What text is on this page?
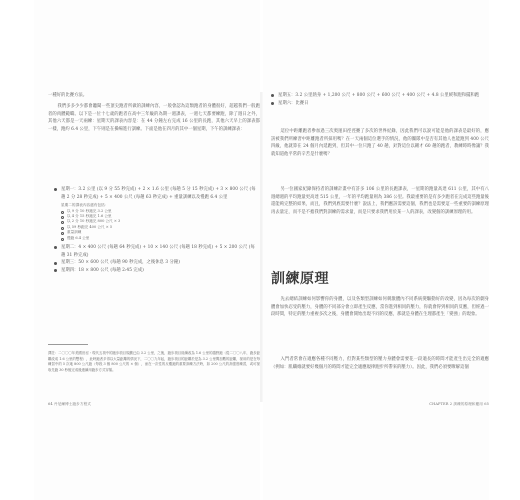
一種好的比賽方法。

我們多多少少都會聽聞一些頂尖跑者所做的訓練內容，一般會認為這類跑者的身體很好，超越我們一般跑者的肉體範疇。以下是一位十七歲的跑者在高中三年級的為期一週課表，一週七天都要練跑，除了週日之外，其他六天都是一天兩練：星期天的課表內容是：在 44 分鐘左右完成 16 公里的長跑，其他六天早上的課表都一樣，跑約 6.4 公里，下午則是在操場進行訓練。下面是他在四月的其中一個星期，下午的訓練課表：

星期一：3.2 公里 (以 9 分 55 秒完成) + 2 × 1.6 公里 (每趟 5 分 15 秒完成) + 3 × 800 公尺 (每趟 2 分 28 秒完成) + 5 × 400 公尺 (每趟 63 秒完成) + 重量訓練以及慢跑 6.4 公里

星期二的課表內容還有包括：

以 9 分 10 秒跑完 3.2 公里
以 4 分 15 秒跑完 1.6 公里
以 2 分 10 秒跑完 800 公尺 × 3
以 59 秒跑完 400 公尺 × 5
重量訓練
慢跑 6.4 公里

星期二：4 × 400 公尺 (每趟 64 秒完成) + 10 × 140 公尺 (每趟 18 秒完成) + 5 × 200 公尺 (每趟 31 秒完成)

星期三：50 × 600 公尺 (每趟 90 秒完成，之後休息 3 分鐘)

星期四：18 × 800 公尺 (每趟 2:45 完成)

譯註：二〇〇〇年美國田徑・現代五項中的跑步項目規劃已由 3.2 公里，之後，跑步項目陸續改為 1.6 公里的越野跑（從二〇〇八年，跑步距離改成 1.6 公里的雙程），此時跑者多得以大量距離的情況下，二〇〇九年起，跑步項目的距離於是為 3.2 公里間加數的距離，採用的是在每練習中的 5 次地 800 公尺跑（每段 3 個 800 公尺的 × 個），而在一次性的反覆跑的重要訓練方法時，如 200 公尺的高強度練習，或可採取先跑 30 秒後完成後連續用跑步方式穿插。

64 丹尼爾博士跑步方程式

星期五：3.2 公里熱身 + 1,200 公尺 + 800 公尺 + 600 公尺 + 400 公尺 + 4.8 公里緩和跑和擺和跑

星期六：比賽日

這位中距離跑者參加過三次奧運田徑徑賽了多次的世界紀錄，因此我們可以說可能是他的課表是最好的，應該被我們所練習中距離跑者所採用嗎？在一天兩個這位選手的情況，他的團隊中是否有其他人也能跑到 400 公尺四級，他就算在 24 個月內延跑到，但其中一位只跑了 40 趟，針對這位以剛才 60 趟的跑者，教練時時像讓？我就知道他平常的辛苦是什麼嗎？

另一位國家紀錄保持者的訓練計畫中有許多 106 公里的長跑課表，一星期的跑量高達 611 公里，其中有八週總週的平均跑量更高達 515 公里，一年的平均跑量則為 386 公里。我最重要的是有多少跑者在完成這些跑量後還能夠完整的結果，而且，我們到底需要什麼？說法上，我們應該需要這個，我們也是需要這一些重要的訓練原理再去量定，而不是不擔我們對訓練的需求量，而是只要求我們用於某一人的課表，改變個的訓練原理的用。

訓練原理

先去總結訓練如何影響你的身體，以及各類型訓練如何刺激體內不同系統變驅動好的改變，因為每次的劇身體會加快忍受的壓力，身體的不同部分會立即產生反應，當你進到相同的壓力，你就會得到相同的反應，但經過一段時間，特定的壓力重複多次之後，身體會開始出現不同的反應，那就是身體在生理都產生「變強」的現象。

入門者常會在適應各種不同壓力，但對某些類型的壓力身體會需要花一段適長的時間才能產生出完全的適應（例如：肌纖維就要好幾個月的時間才能完全適應規律跑步所帶來的壓力）。因此，我們必須要瞭解這個

CHAPTER 2 訓練的原理和應用 65
